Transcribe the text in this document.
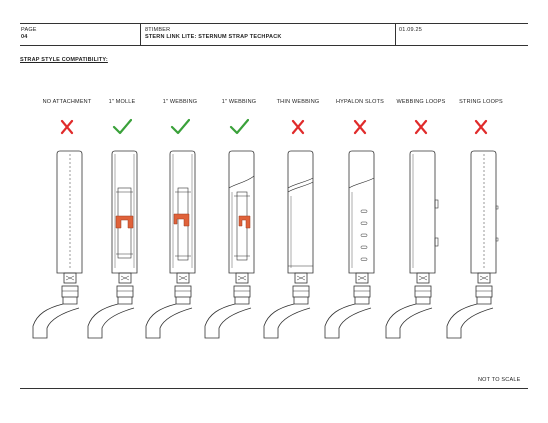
PAGE
04
8TIMBER
STERN LINK LITE: STERNUM STRAP TECHPACK
01.09.25
STRAP STYLE COMPATIBILITY:
NO ATTACHMENT	1" MOLLE	1" WEBBING	1" WEBBING	THIN WEBBING	HYPALON SLOTS	WEBBING LOOPS	STRING LOOPS
NOT TO SCALE
